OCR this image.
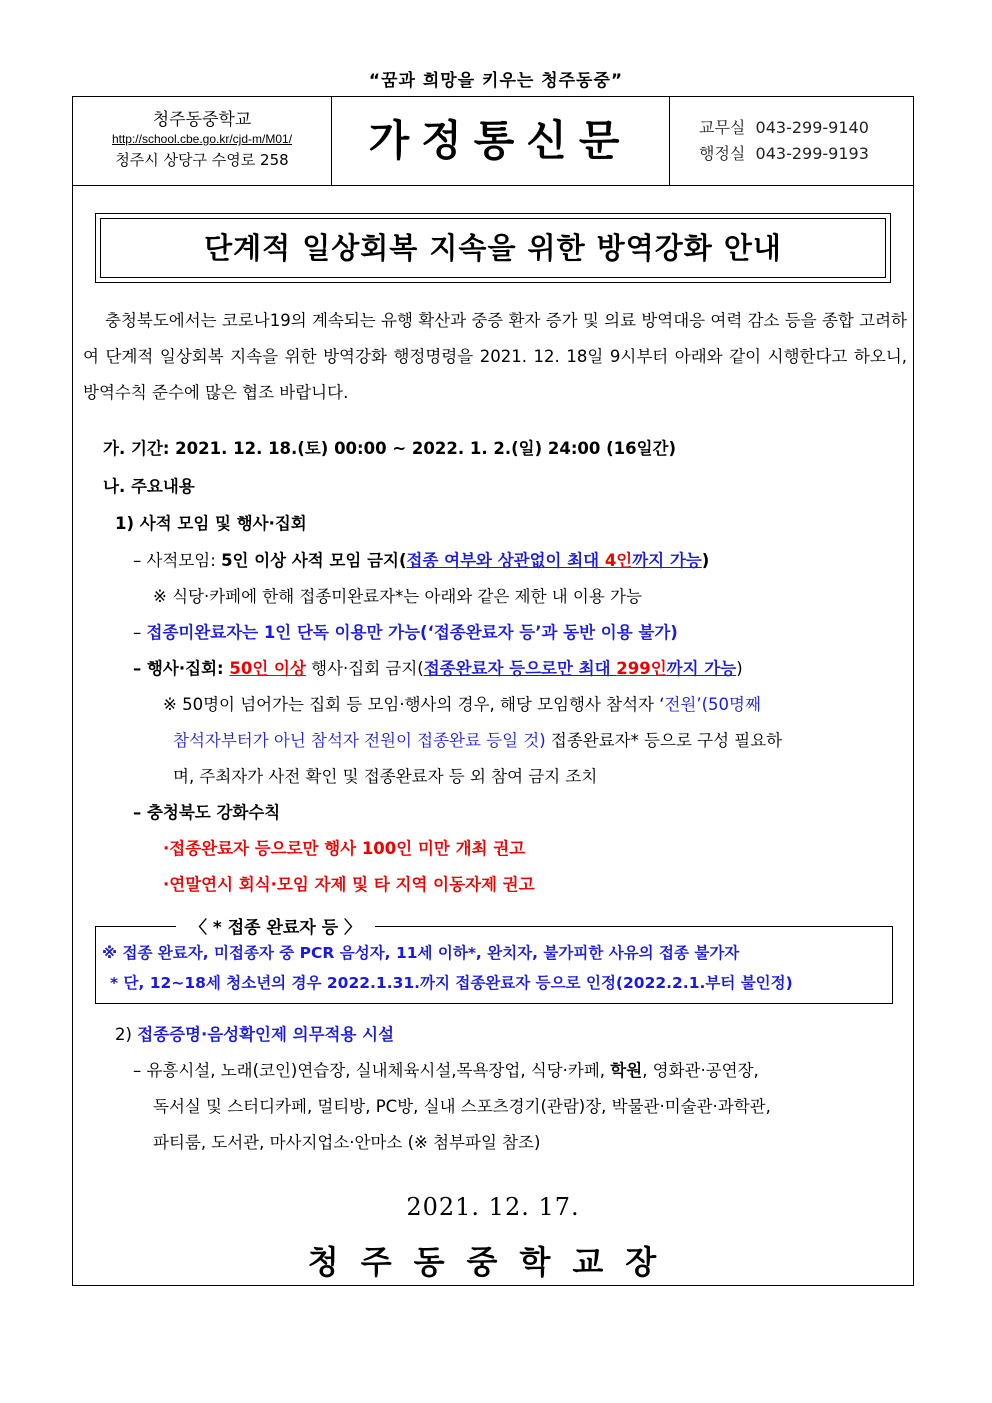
“꿈과 희망을 키우는 청주동중”
청주동중학교
http://school.cbe.go.kr/cjd-m/M01/
청주시 상당구 수영로 258	가정통신문	교무실 043-299-9140
행정실 043-299-9193
단계적 일상회복 지속을 위한 방역강화 안내
충청북도에서는 코로나19의 계속되는 유행 확산과 중증 환자 증가 및 의료 방역대응 여력 감소 등을 종합 고려하여 단계적 일상회복 지속을 위한 방역강화 행정명령을 2021. 12. 18일 9시부터 아래와 같이 시행한다고 하오니, 방역수칙 준수에 많은 협조 바랍니다.
가. 기간: 2021. 12. 18.(토) 00:00 ~ 2022. 1. 2.(일) 24:00 (16일간)
나. 주요내용
1) 사적 모임 및 행사·집회
– 사적모임: 5인 이상 사적 모임 금지(접종 여부와 상관없이 최대 4인까지 가능)
※ 식당·카페에 한해 접종미완료자*는 아래와 같은 제한 내 이용 가능
– 접종미완료자는 1인 단독 이용만 가능(‘접종완료자 등’과 동반 이용 불가)
– 행사·집회: 50인 이상 행사·집회 금지(접종완료자 등으로만 최대 299인까지 가능)
※ 50명이 넘어가는 집회 등 모임·행사의 경우, 해당 모임행사 참석자 ‘전원’(50명째
참석자부터가 아닌 참석자 전원이 접종완료 등일 것) 접종완료자* 등으로 구성 필요하
며, 주최자가 사전 확인 및 접종완료자 등 외 참여 금지 조치
– 충청북도 강화수칙
·접종완료자 등으로만 행사 100인 미만 개최 권고
·연말연시 회식·모임 자제 및 타 지역 이동자제 권고
〈 * 접종 완료자 등 〉
※ 접종 완료자, 미접종자 중 PCR 음성자, 11세 이하*, 완치자, 불가피한 사유의 접종 불가자
* 단, 12~18세 청소년의 경우 2022.1.31.까지 접종완료자 등으로 인정(2022.2.1.부터 불인정)
2) 접종증명·음성확인제 의무적용 시설
– 유흥시설, 노래(코인)연습장, 실내체육시설,목욕장업, 식당·카페, 학원, 영화관·공연장,
독서실 및 스터디카페, 멀티방, PC방, 실내 스포츠경기(관람)장, 박물관·미술관·과학관,
파티룸, 도서관, 마사지업소·안마소 (※ 첨부파일 참조)
2021. 12. 17.
청주동중학교장
